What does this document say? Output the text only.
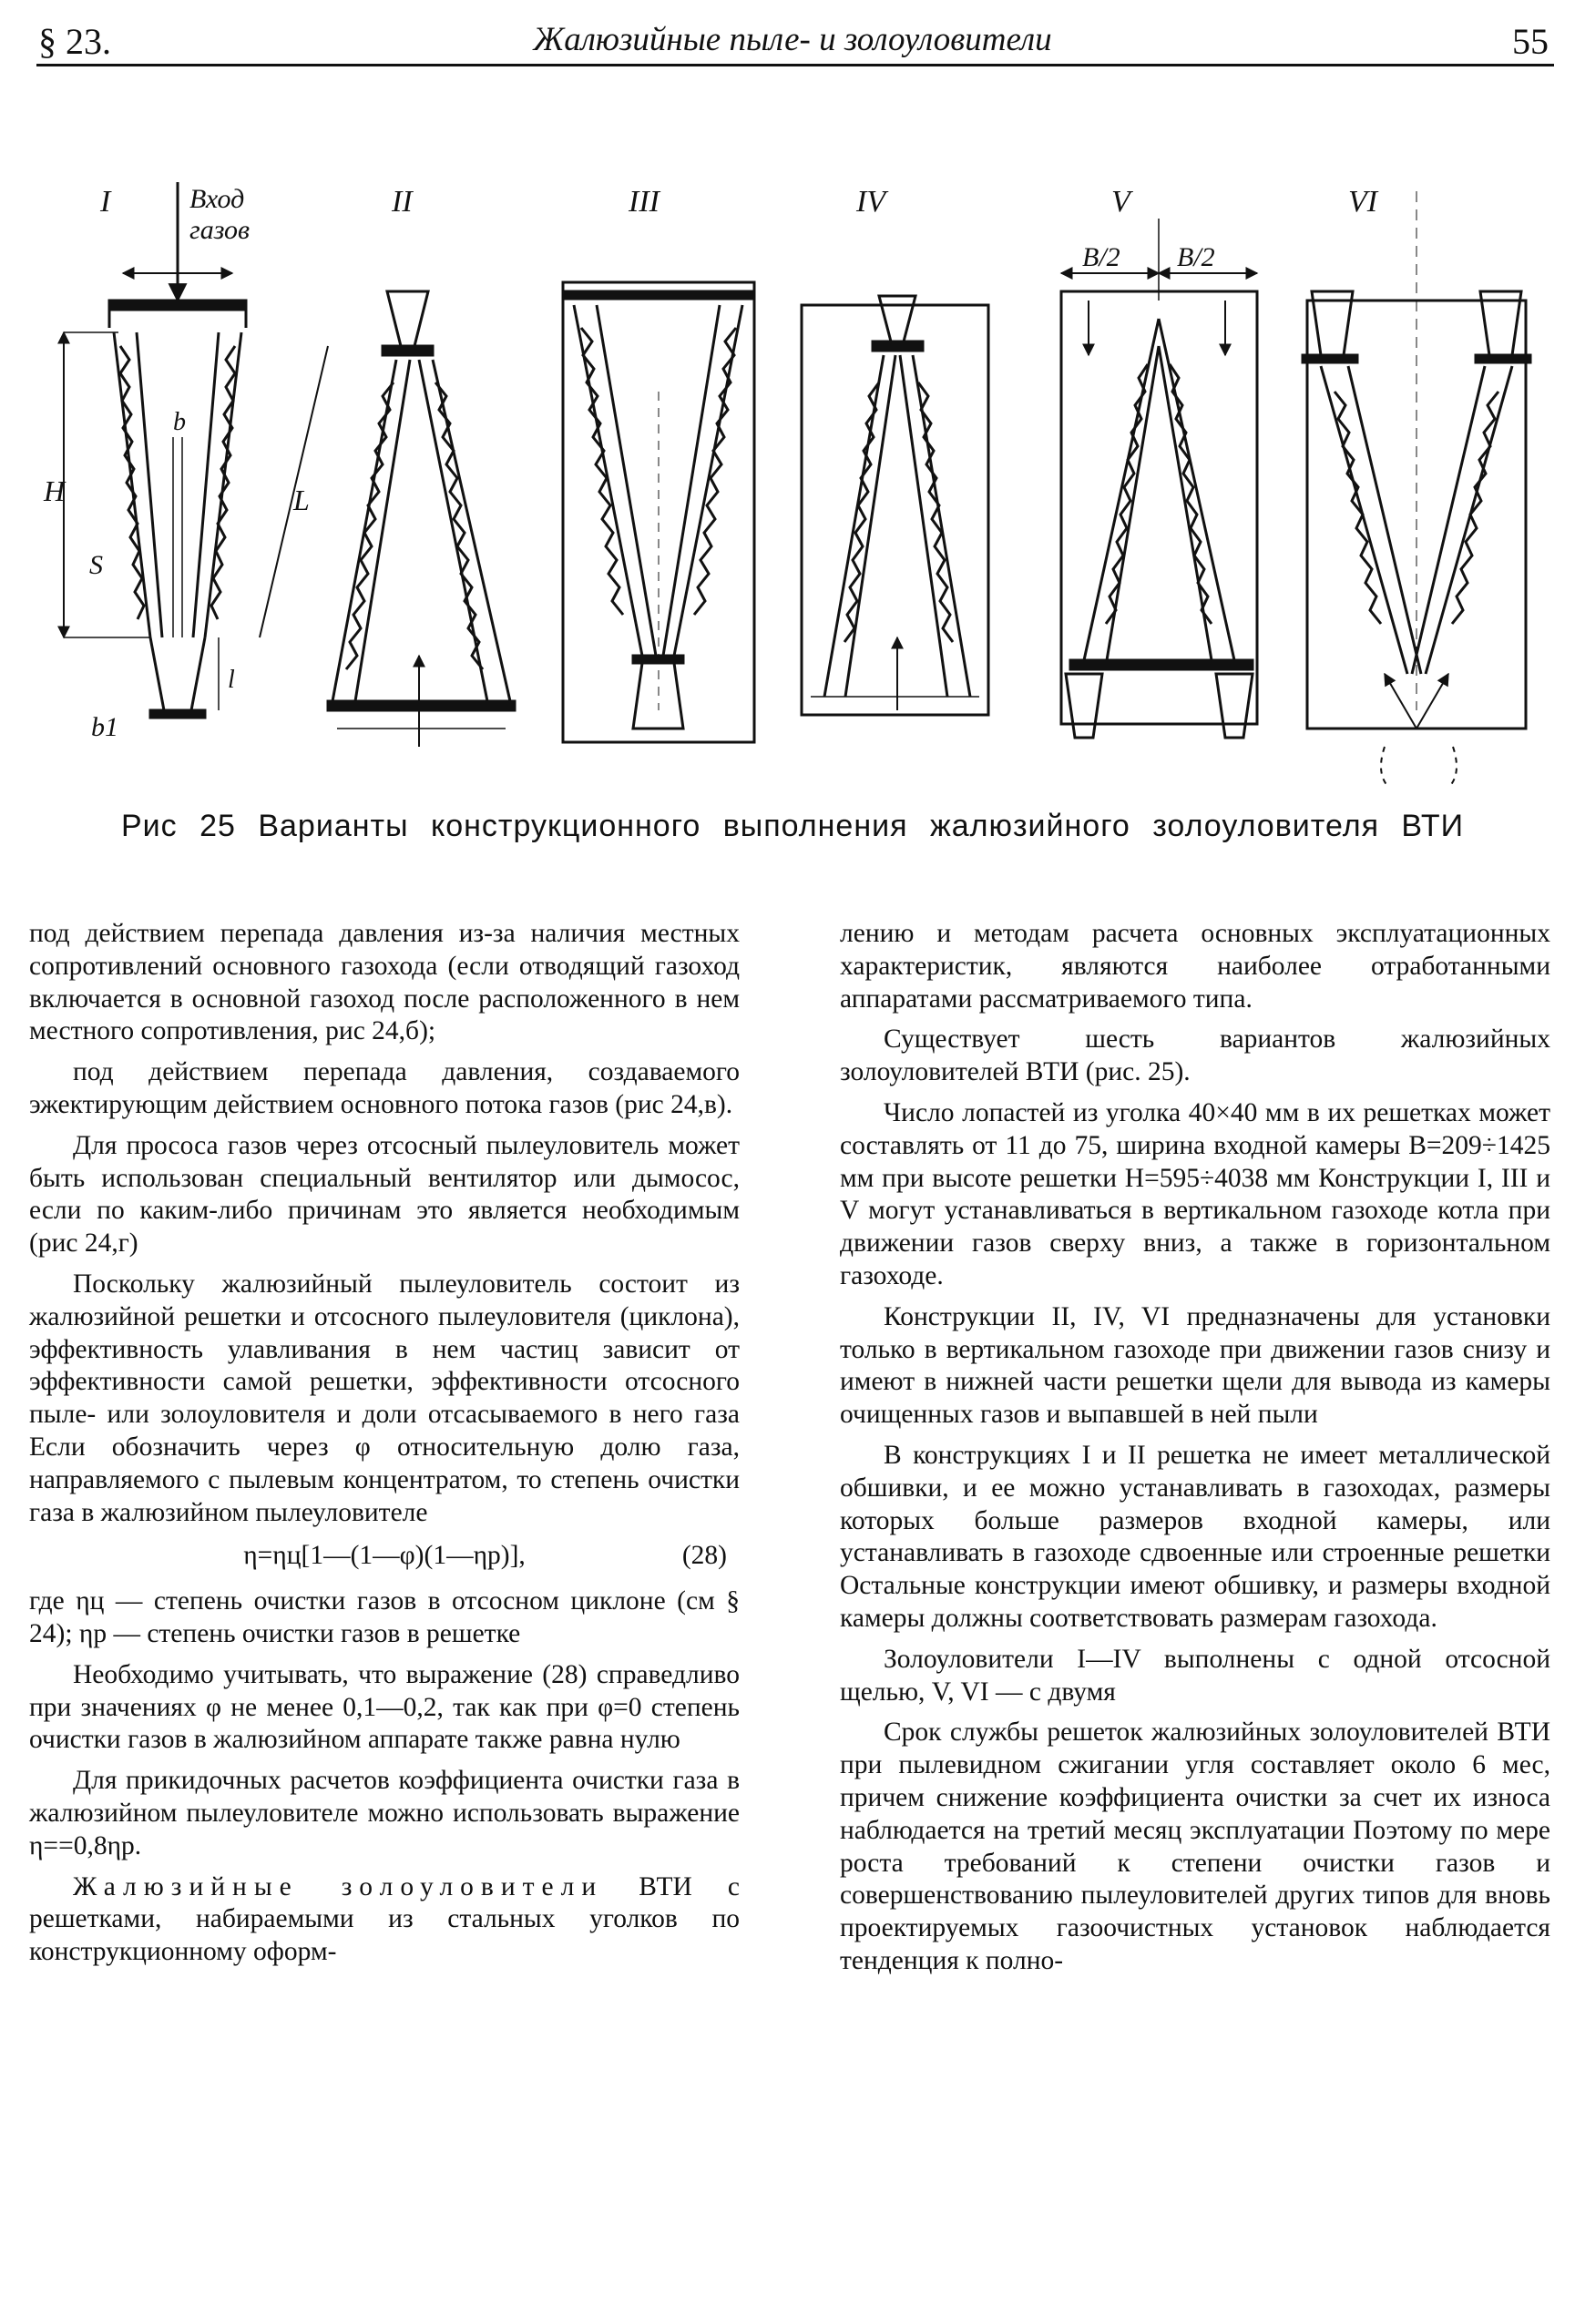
§ 23.	Жалюзийные пыле- и золоуловители	55
I	II	III	IV	V	VI
Вход
газов
H	L
S
b
l
b1
B/2 B/2
Рис 25 Варианты конструкционного выполнения жалюзийного золоуловителя ВТИ

под действием перепада давления из-за наличия местных сопротивлений основного газохода (если отводящий газоход включается в основной газоход после расположенного в нем местного сопротивления, рис 24,б);

под действием перепада давления, создаваемого эжектирующим действием основного потока газов (рис 24,в).

Для прососа газов через отсосный пылеуловитель может быть использован специальный вентилятор или дымосос, если по каким-либо причинам это является необходимым (рис 24,г)

Поскольку жалюзийный пылеуловитель состоит из жалюзийной решетки и отсосного пылеуловителя (циклона), эффективность улавливания в нем частиц зависит от эффективности самой решетки, эффективности отсосного пыле- или золоуловителя и доли отсасываемого в него газа Если обозначить через φ относительную долю газа, направляемого с пылевым концентратом, то степень очистки газа в жалюзийном пылеуловителе

η=ηц[1—(1—φ)(1—ηр)],	(28)

где ηц — степень очистки газов в отсосном циклоне (см § 24); ηр — степень очистки газов в решетке

Необходимо учитывать, что выражение (28) справедливо при значениях φ не менее 0,1—0,2, так как при φ=0 степень очистки газов в жалюзийном аппарате также равна нулю

Для прикидочных расчетов коэффициента очистки газа в жалюзийном пылеуловителе можно использовать выражение η==0,8ηр.

Жалюзийные золоуловители ВТИ с решетками, набираемыми из стальных уголков по конструкционному оформ-

лению и методам расчета основных эксплуатационных характеристик, являются наиболее отработанными аппаратами рассматриваемого типа.

Существует шесть вариантов жалюзийных золоуловителей ВТИ (рис. 25).

Число лопастей из уголка 40×40 мм в их решетках может составлять от 11 до 75, ширина входной камеры B=209÷1425 мм при высоте решетки H=595÷4038 мм Конструкции I, III и V могут устанавливаться в вертикальном газоходе котла при движении газов сверху вниз, а также в горизонтальном газоходе.

Конструкции II, IV, VI предназначены для установки только в вертикальном газоходе при движении газов снизу и имеют в нижней части решетки щели для вывода из камеры очищенных газов и выпавшей в ней пыли

В конструкциях I и II решетка не имеет металлической обшивки, и ее можно устанавливать в газоходах, размеры которых больше размеров входной камеры, или устанавливать в газоходе сдвоенные или строенные решетки Остальные конструкции имеют обшивку, и размеры входной камеры должны соответствовать размерам газохода.

Золоуловители I—IV выполнены с одной отсосной щелью, V, VI — с двумя

Срок службы решеток жалюзийных золоуловителей ВТИ при пылевидном сжигании угля составляет около 6 мес, причем снижение коэффициента очистки за счет их износа наблюдается на третий месяц эксплуатации Поэтому по мере роста требований к степени очистки газов и совершенствованию пылеуловителей других типов для вновь проектируемых газоочистных установок наблюдается тенденция к полно-
